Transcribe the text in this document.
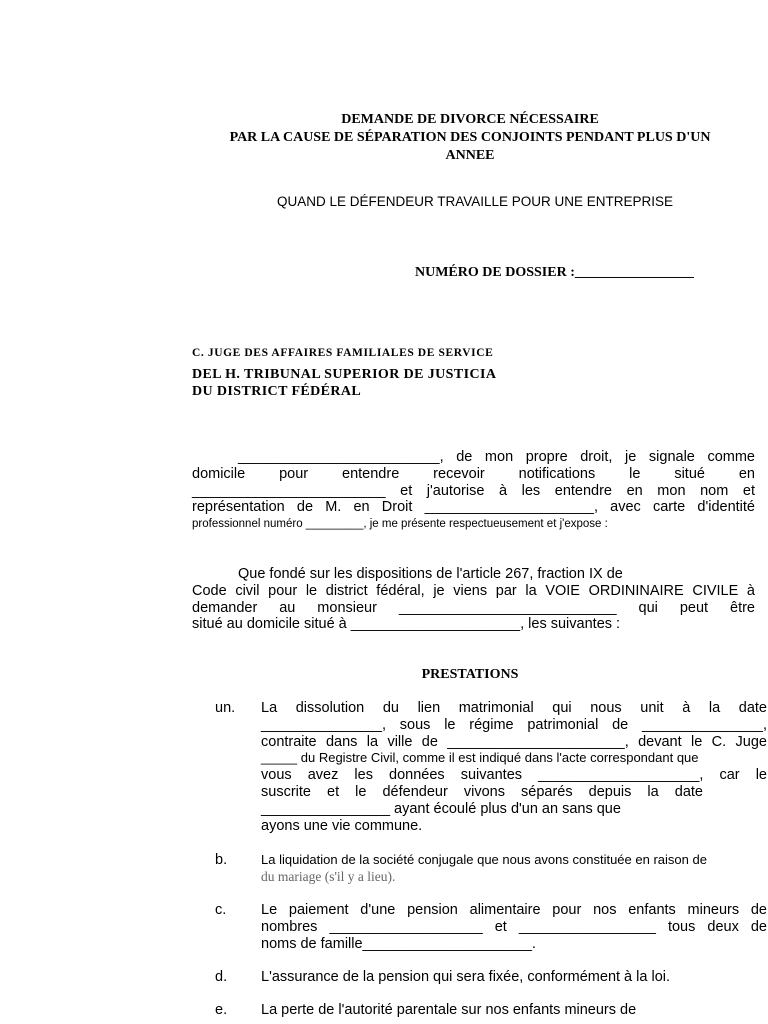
DEMANDE DE DIVORCE NÉCESSAIRE
PAR LA CAUSE DE SÉPARATION DES CONJOINTS PENDANT PLUS D'UN
ANNEE
QUAND LE DÉFENDEUR TRAVAILLE POUR UNE ENTREPRISE
NUMÉRO DE DOSSIER :_________________
C. JUGE DES AFFAIRES FAMILIALES DE SERVICE
DEL H. TRIBUNAL SUPERIOR DE JUSTICIA
DU DISTRICT FÉDÉRAL
_________________________, de mon propre droit, je signale comme
domicile pour entendre recevoir notifications le situé en
________________________ et j'autorise à les entendre en mon nom et
représentation de M. en Droit _____________________, avec carte d'identité
professionnel numéro _________, je me présente respectueusement et j'expose :
Que fondé sur les dispositions de l'article 267, fraction IX de
Code civil pour le district fédéral, je viens par la VOIE ORDININAIRE CIVILE à
demander au monsieur ___________________________ qui peut être
situé au domicile situé à _____________________, les suivantes :
PRESTATIONS
un. La dissolution du lien matrimonial qui nous unit à la date
_______________, sous le régime patrimonial de _______________,
contraite dans la ville de ______________________, devant le C. Juge
_____ du Registre Civil, comme il est indiqué dans l'acte correspondant que
vous avez les données suivantes ____________________, car le
suscrite et le défendeur vivons séparés depuis la date
________________ ayant écoulé plus d'un an sans que
ayons une vie commune.
b.	La liquidation de la société conjugale que nous avons constituée en raison de
du mariage (s'il y a lieu).
c. Le paiement d'une pension alimentaire pour nos enfants mineurs de
nombres ___________________ et _________________ tous deux de
noms de famille_____________________.
d. L'assurance de la pension qui sera fixée, conformément à la loi.
e. La perte de l'autorité parentale sur nos enfants mineurs de
